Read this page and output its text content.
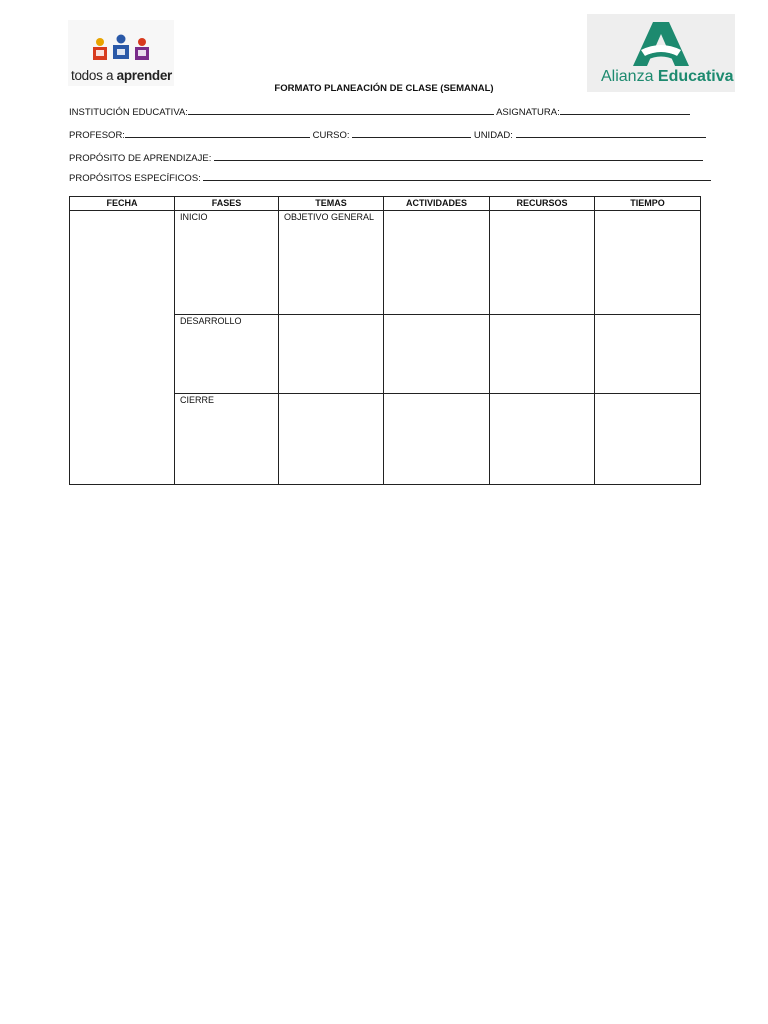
todos a aprender	Alianza Educativa
FORMATO PLANEACIÓN DE CLASE (SEMANAL)
INSTITUCIÓN EDUCATIVA:	ASIGNATURA:
PROFESOR:	CURSO:	UNIDAD:
PROPÓSITO DE APRENDIZAJE:
PROPÓSITOS ESPECÍFICOS:
FECHA	FASES	TEMAS	ACTIVIDADES	RECURSOS	TIEMPO
	INICIO	OBJETIVO GENERAL			
	DESARROLLO				
	CIERRE				
